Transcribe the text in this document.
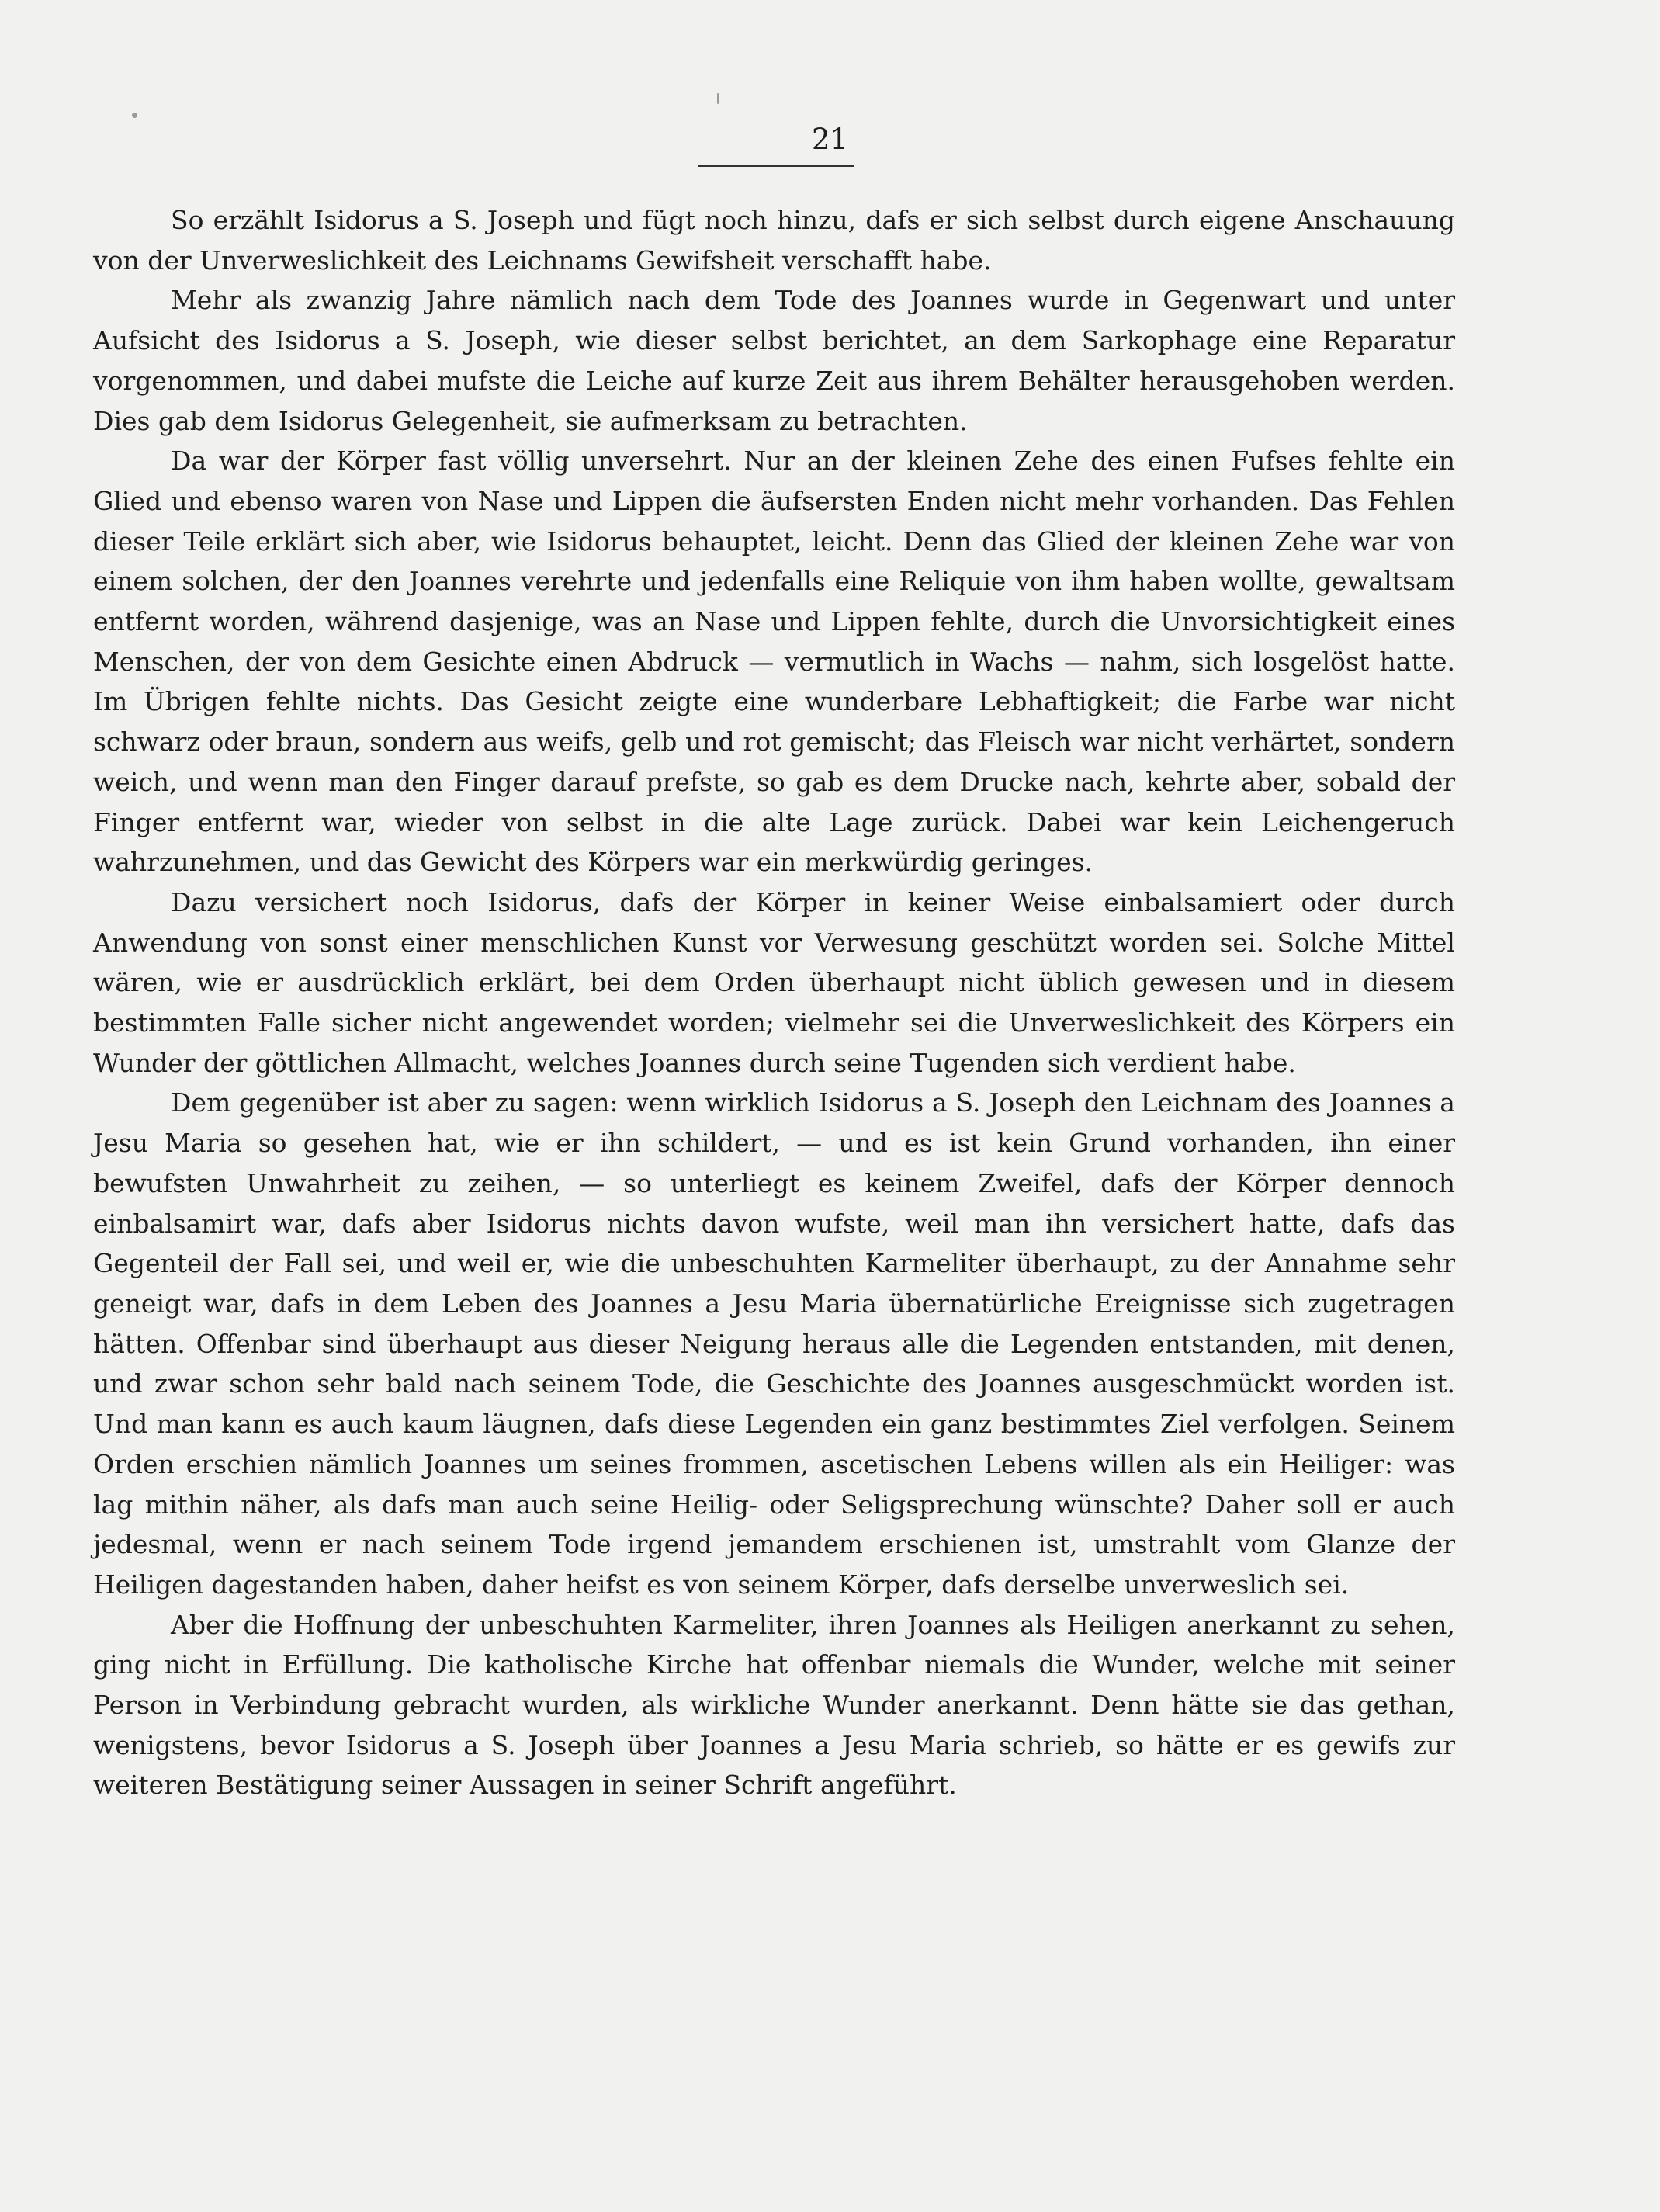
21

So erzählt Isidorus a S. Joseph und fügt noch hinzu, dafs er sich selbst durch eigene Anschauung von der Unverweslichkeit des Leichnams Gewifsheit verschafft habe.

Mehr als zwanzig Jahre nämlich nach dem Tode des Joannes wurde in Gegenwart und unter Aufsicht des Isidorus a S. Joseph, wie dieser selbst berichtet, an dem Sarkophage eine Reparatur vorgenommen, und dabei mufste die Leiche auf kurze Zeit aus ihrem Behälter herausgehoben werden. Dies gab dem Isidorus Gelegenheit, sie aufmerksam zu betrachten.

Da war der Körper fast völlig unversehrt. Nur an der kleinen Zehe des einen Fufses fehlte ein Glied und ebenso waren von Nase und Lippen die äufsersten Enden nicht mehr vorhanden. Das Fehlen dieser Teile erklärt sich aber, wie Isidorus behauptet, leicht. Denn das Glied der kleinen Zehe war von einem solchen, der den Joannes verehrte und jedenfalls eine Reliquie von ihm haben wollte, gewaltsam entfernt worden, während dasjenige, was an Nase und Lippen fehlte, durch die Unvorsichtigkeit eines Menschen, der von dem Gesichte einen Abdruck — vermutlich in Wachs — nahm, sich losgelöst hatte. Im Übrigen fehlte nichts. Das Gesicht zeigte eine wunderbare Lebhaftigkeit; die Farbe war nicht schwarz oder braun, sondern aus weifs, gelb und rot gemischt; das Fleisch war nicht verhärtet, sondern weich, und wenn man den Finger darauf prefste, so gab es dem Drucke nach, kehrte aber, sobald der Finger entfernt war, wieder von selbst in die alte Lage zurück. Dabei war kein Leichengeruch wahrzunehmen, und das Gewicht des Körpers war ein merkwürdig geringes.

Dazu versichert noch Isidorus, dafs der Körper in keiner Weise einbalsamiert oder durch Anwendung von sonst einer menschlichen Kunst vor Verwesung geschützt worden sei. Solche Mittel wären, wie er ausdrücklich erklärt, bei dem Orden überhaupt nicht üblich gewesen und in diesem bestimmten Falle sicher nicht angewendet worden; vielmehr sei die Unverweslichkeit des Körpers ein Wunder der göttlichen Allmacht, welches Joannes durch seine Tugenden sich verdient habe.

Dem gegenüber ist aber zu sagen: wenn wirklich Isidorus a S. Joseph den Leichnam des Joannes a Jesu Maria so gesehen hat, wie er ihn schildert, — und es ist kein Grund vorhanden, ihn einer bewufsten Unwahrheit zu zeihen, — so unterliegt es keinem Zweifel, dafs der Körper dennoch einbalsamirt war, dafs aber Isidorus nichts davon wufste, weil man ihn versichert hatte, dafs das Gegenteil der Fall sei, und weil er, wie die unbeschuhten Karmeliter überhaupt, zu der Annahme sehr geneigt war, dafs in dem Leben des Joannes a Jesu Maria übernatürliche Ereignisse sich zugetragen hätten. Offenbar sind überhaupt aus dieser Neigung heraus alle die Legenden entstanden, mit denen, und zwar schon sehr bald nach seinem Tode, die Geschichte des Joannes ausgeschmückt worden ist. Und man kann es auch kaum läugnen, dafs diese Legenden ein ganz bestimmtes Ziel verfolgen. Seinem Orden erschien nämlich Joannes um seines frommen, ascetischen Lebens willen als ein Heiliger: was lag mithin näher, als dafs man auch seine Heilig- oder Seligsprechung wünschte? Daher soll er auch jedesmal, wenn er nach seinem Tode irgend jemandem erschienen ist, umstrahlt vom Glanze der Heiligen dagestanden haben, daher heifst es von seinem Körper, dafs derselbe unverweslich sei.

Aber die Hoffnung der unbeschuhten Karmeliter, ihren Joannes als Heiligen anerkannt zu sehen, ging nicht in Erfüllung. Die katholische Kirche hat offenbar niemals die Wunder, welche mit seiner Person in Verbindung gebracht wurden, als wirkliche Wunder anerkannt. Denn hätte sie das gethan, wenigstens, bevor Isidorus a S. Joseph über Joannes a Jesu Maria schrieb, so hätte er es gewifs zur weiteren Bestätigung seiner Aussagen in seiner Schrift angeführt.
